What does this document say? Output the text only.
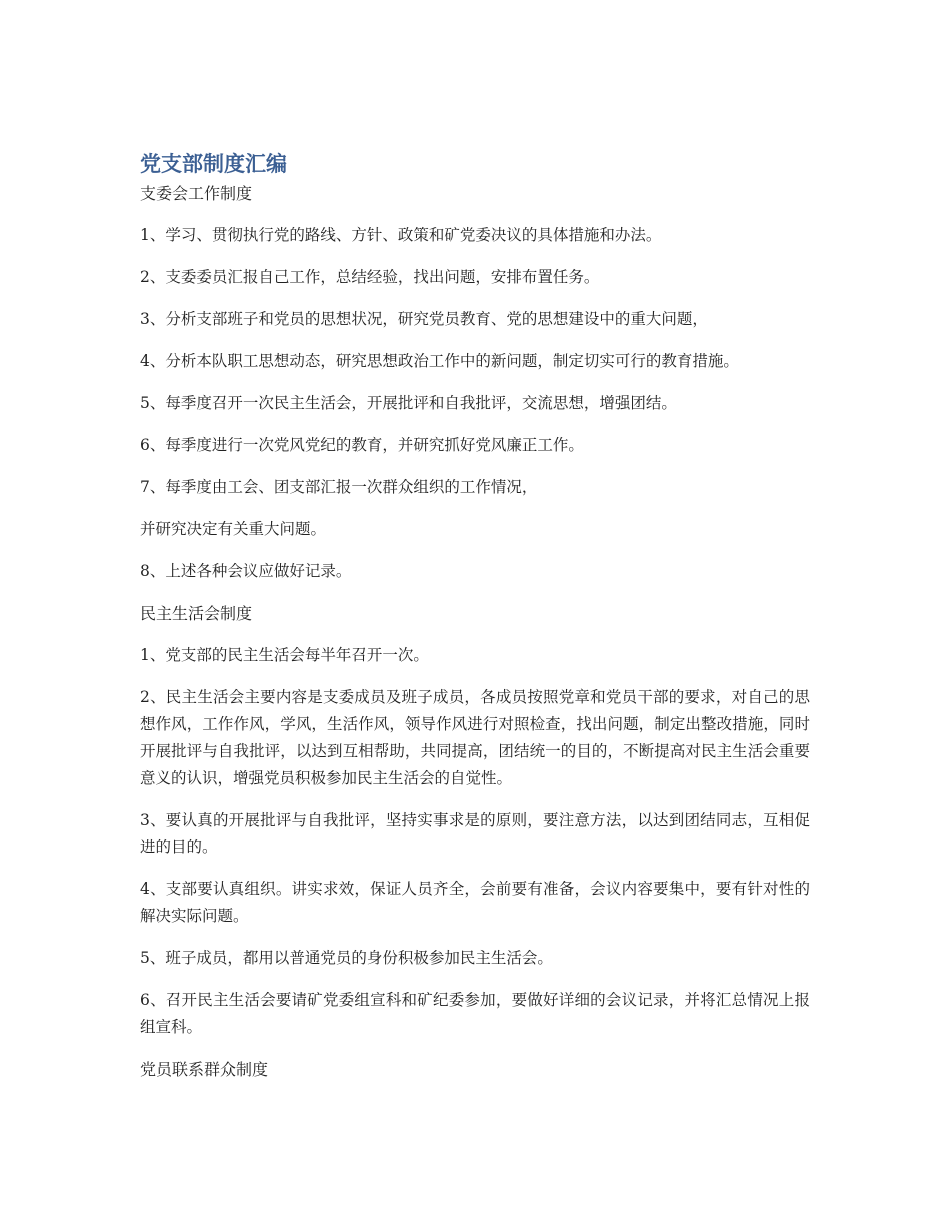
党支部制度汇编
支委会工作制度

1、学习、贯彻执行党的路线、方针、政策和矿党委决议的具体措施和办法。

2、支委委员汇报自己工作，总结经验，找出问题，安排布置任务。

3、分析支部班子和党员的思想状况，研究党员教育、党的思想建设中的重大问题，

4、分析本队职工思想动态，研究思想政治工作中的新问题，制定切实可行的教育措施。

5、每季度召开一次民主生活会，开展批评和自我批评，交流思想，增强团结。

6、每季度进行一次党风党纪的教育，并研究抓好党风廉正工作。

7、每季度由工会、团支部汇报一次群众组织的工作情况，

并研究决定有关重大问题。

8、上述各种会议应做好记录。

民主生活会制度

1、党支部的民主生活会每半年召开一次。

2、民主生活会主要内容是支委成员及班子成员，各成员按照党章和党员干部的要求，对自己的思想作风，工作作风，学风，生活作风，领导作风进行对照检查，找出问题，制定出整改措施，同时开展批评与自我批评，以达到互相帮助，共同提高，团结统一的目的，不断提高对民主生活会重要意义的认识，增强党员积极参加民主生活会的自觉性。

3、要认真的开展批评与自我批评，坚持实事求是的原则，要注意方法，以达到团结同志，互相促进的目的。

4、支部要认真组织。讲实求效，保证人员齐全，会前要有准备，会议内容要集中，要有针对性的解决实际问题。

5、班子成员，都用以普通党员的身份积极参加民主生活会。

6、召开民主生活会要请矿党委组宣科和矿纪委参加，要做好详细的会议记录，并将汇总情况上报组宣科。

党员联系群众制度
